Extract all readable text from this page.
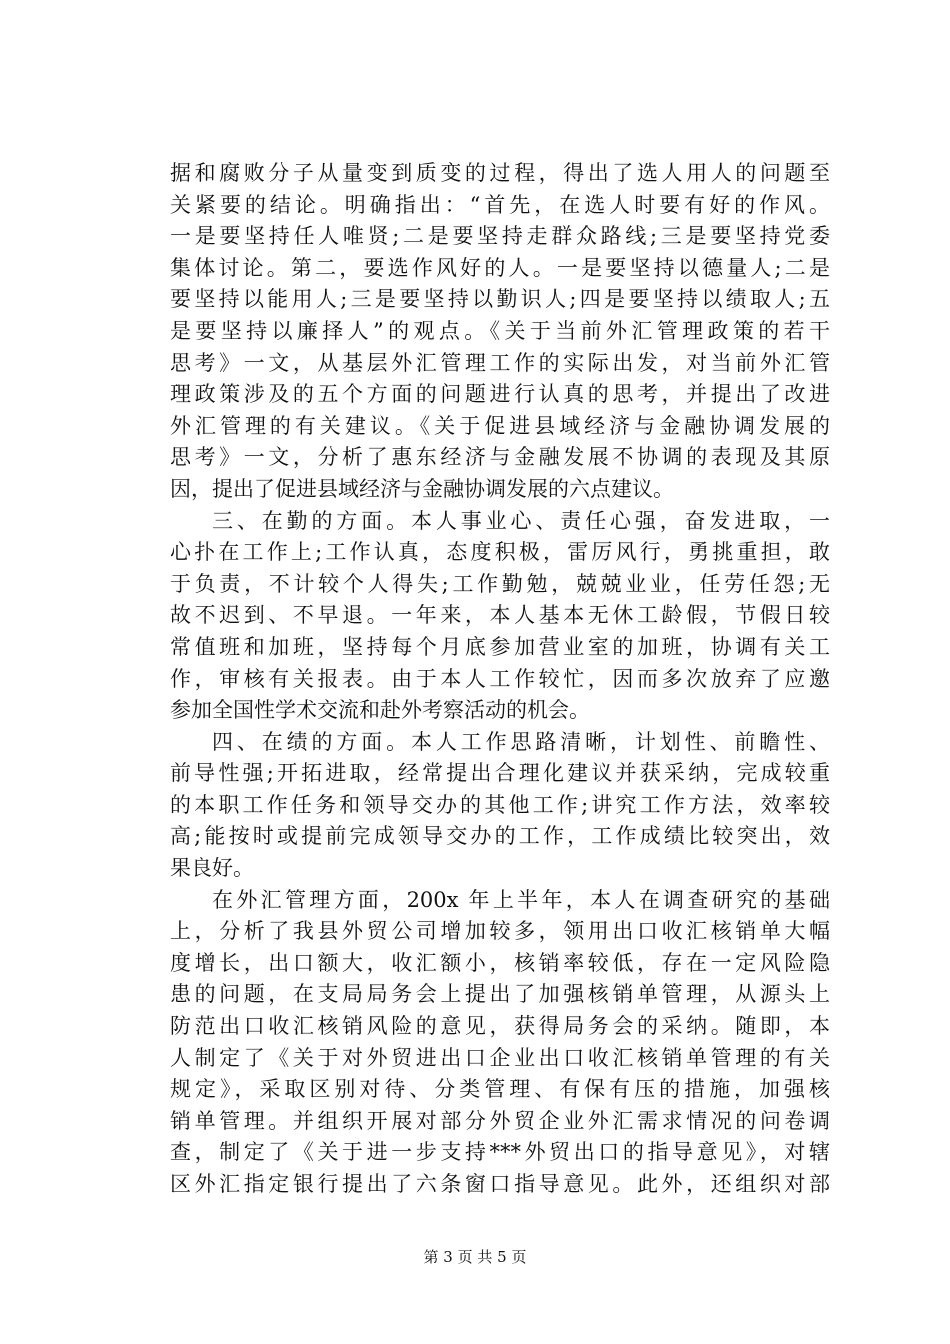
据和腐败分子从量变到质变的过程，得出了选人用人的问题至
关紧要的结论。明确指出：“首先，在选人时要有好的作风。
一是要坚持任人唯贤;二是要坚持走群众路线;三是要坚持党委
集体讨论。第二，要选作风好的人。一是要坚持以德量人;二是
要坚持以能用人;三是要坚持以勤识人;四是要坚持以绩取人;五
是要坚持以廉择人”的观点。《关于当前外汇管理政策的若干
思考》一文，从基层外汇管理工作的实际出发，对当前外汇管
理政策涉及的五个方面的问题进行认真的思考，并提出了改进
外汇管理的有关建议。《关于促进县域经济与金融协调发展的
思考》一文，分析了惠东经济与金融发展不协调的表现及其原
因，提出了促进县域经济与金融协调发展的六点建议。
三、在勤的方面。本人事业心、责任心强，奋发进取，一
心扑在工作上;工作认真，态度积极，雷厉风行，勇挑重担，敢
于负责，不计较个人得失;工作勤勉，兢兢业业，任劳任怨;无
故不迟到、不早退。一年来，本人基本无休工龄假，节假日较
常值班和加班，坚持每个月底参加营业室的加班，协调有关工
作，审核有关报表。由于本人工作较忙，因而多次放弃了应邀
参加全国性学术交流和赴外考察活动的机会。
四、在绩的方面。本人工作思路清晰，计划性、前瞻性、
前导性强;开拓进取，经常提出合理化建议并获采纳，完成较重
的本职工作任务和领导交办的其他工作;讲究工作方法，效率较
高;能按时或提前完成领导交办的工作，工作成绩比较突出，效
果良好。
在外汇管理方面，200x 年上半年，本人在调查研究的基础
上，分析了我县外贸公司增加较多，领用出口收汇核销单大幅
度增长，出口额大，收汇额小，核销率较低，存在一定风险隐
患的问题，在支局局务会上提出了加强核销单管理，从源头上
防范出口收汇核销风险的意见，获得局务会的采纳。随即，本
人制定了《关于对外贸进出口企业出口收汇核销单管理的有关
规定》，采取区别对待、分类管理、有保有压的措施，加强核
销单管理。并组织开展对部分外贸企业外汇需求情况的问卷调
查，制定了《关于进一步支持***外贸出口的指导意见》，对辖
区外汇指定银行提出了六条窗口指导意见。此外，还组织对部
第 3 页 共 5 页
